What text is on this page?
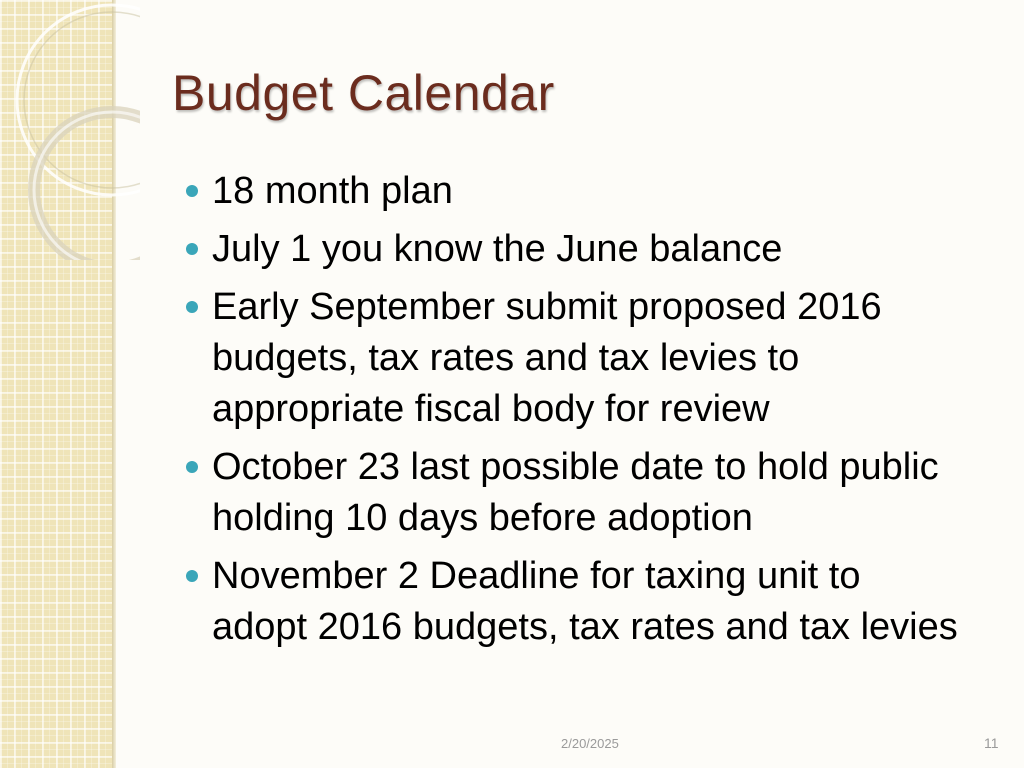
Budget Calendar
18 month plan
July 1 you know the June balance
Early September submit proposed 2016 budgets, tax rates and tax levies to appropriate fiscal body for review
October 23 last possible date to hold public holding 10 days before adoption
November 2 Deadline for taxing unit to adopt 2016 budgets, tax rates and tax levies
2/20/2025	11
